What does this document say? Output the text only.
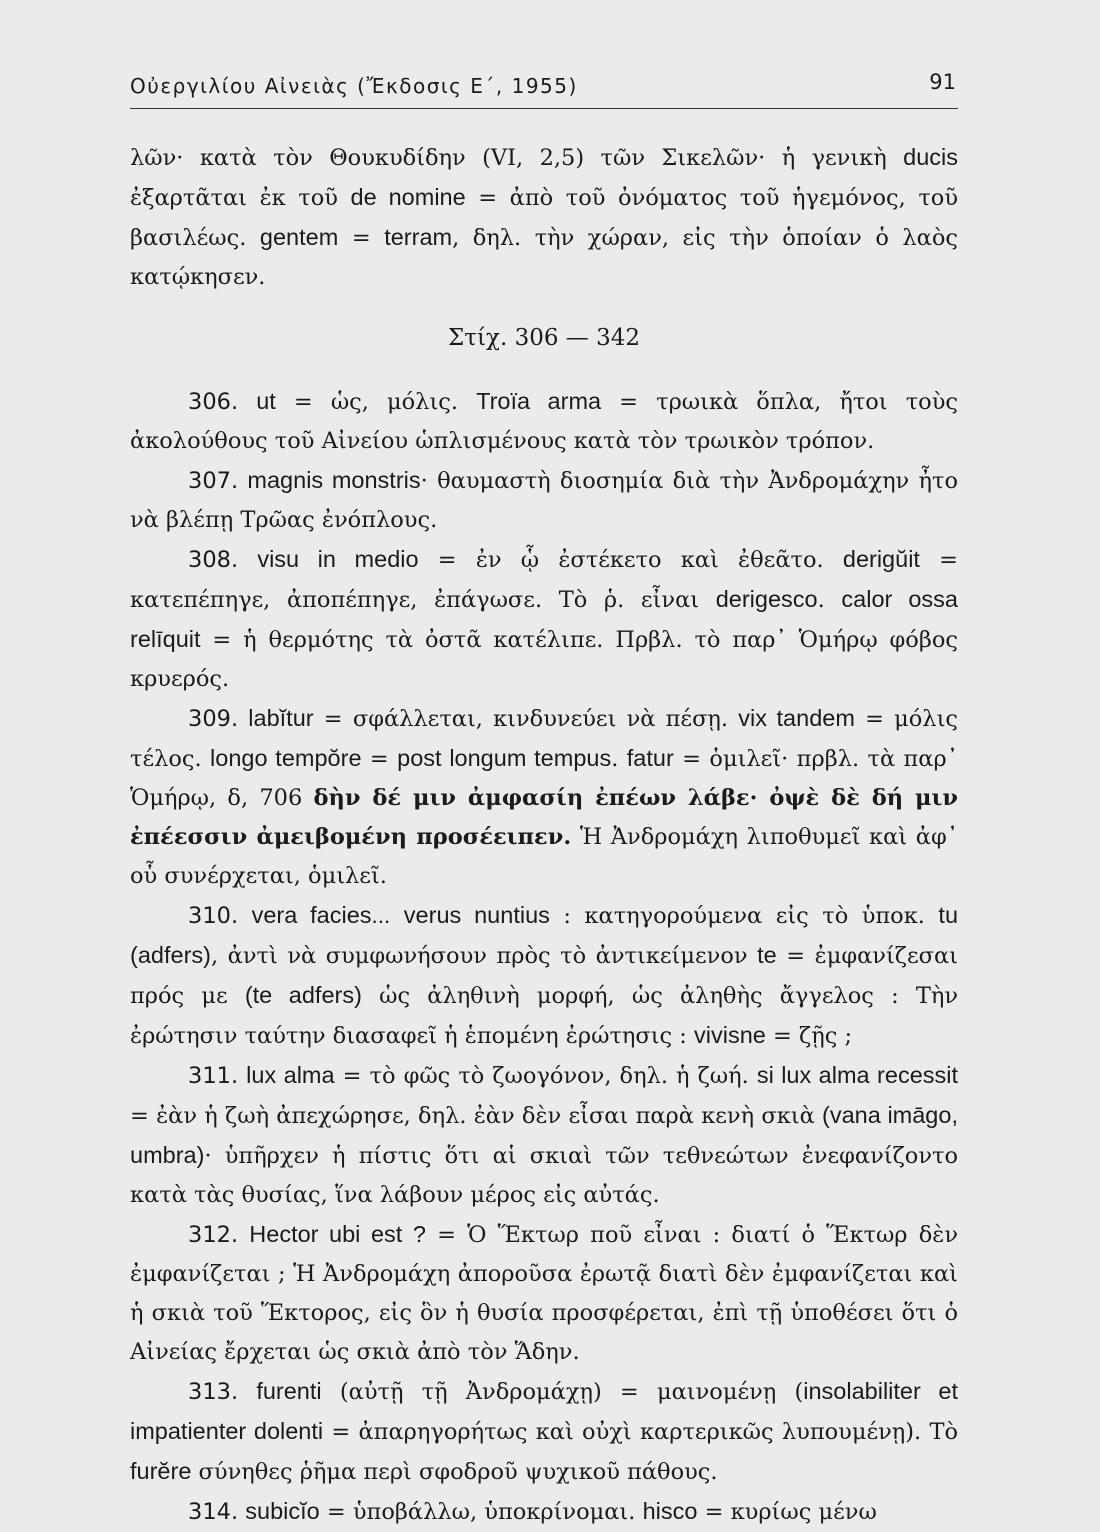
Οὐεργιλίου Αἰνειὰς (Ἔκδοσις Ε΄, 1955)	91

λῶν· κατὰ τὸν Θουκυδίδην (VI, 2,5) τῶν Σικελῶν· ἡ γενικὴ ducis ἐξαρτᾶται ἐκ τοῦ de nomine = ἀπὸ τοῦ ὀνόματος τοῦ ἡγεμόνος, τοῦ βασιλέως. gentem = terram, δηλ. τὴν χώραν, εἰς τὴν ὁποίαν ὁ λαὸς κατῴκησεν.

Στίχ. 306 — 342

306. ut = ὡς, μόλις. Troïa arma = τρωικὰ ὅπλα, ἤτοι τοὺς ἀκολούθους τοῦ Αἰνείου ὡπλισμένους κατὰ τὸν τρωικὸν τρόπον.

307. magnis monstris· θαυμαστὴ διοσημία διὰ τὴν Ἀνδρομάχην ἦτο νὰ βλέπῃ Τρῶας ἐνόπλους.

308. visu in medio = ἐν ᾧ ἐστέκετο καὶ ἐθεᾶτο. derigŭit = κατεπέπηγε, ἀποπέπηγε, ἐπάγωσε. Τὸ ῥ. εἶναι derigesco. calor ossa relīquit = ἡ θερμότης τὰ ὀστᾶ κατέλιπε. Πρβλ. τὸ παρ᾽ Ὁμήρῳ φόβος κρυερός.

309. labĭtur = σφάλλεται, κινδυνεύει νὰ πέσῃ. vix tandem = μόλις τέλος. longo tempŏre = post longum tempus. fatur = ὁμιλεῖ· πρβλ. τὰ παρ᾽ Ὁμήρῳ, δ, 706 δὴν δέ μιν ἀμφασίη ἐπέων λάβε· ὀψὲ δὲ δή μιν ἐπέεσσιν ἀμειβομένη προσέειπεν. Ἡ Ἀνδρομάχη λιποθυμεῖ καὶ ἀφ᾽ οὗ συνέρχεται, ὁμιλεῖ.

310. vera facies... verus nuntius : κατηγορούμενα εἰς τὸ ὑποκ. tu (adfers), ἀντὶ νὰ συμφωνήσουν πρὸς τὸ ἀντικείμενον te = ἐμφανίζεσαι πρός με (te adfers) ὡς ἀληθινὴ μορφή, ὡς ἀληθὴς ἄγγελος : Τὴν ἐρώτησιν ταύτην διασαφεῖ ἡ ἑπομένη ἐρώτησις : vivisne = ζῇς ;

311. lux alma = τὸ φῶς τὸ ζωογόνον, δηλ. ἡ ζωή. si lux alma recessit = ἐὰν ἡ ζωὴ ἀπεχώρησε, δηλ. ἐὰν δὲν εἶσαι παρὰ κενὴ σκιὰ (vana imāgo, umbra)· ὑπῆρχεν ἡ πίστις ὅτι αἱ σκιαὶ τῶν τεθνεώτων ἐνεφανίζοντο κατὰ τὰς θυσίας, ἵνα λάβουν μέρος εἰς αὐτάς.

312. Hector ubi est ? = Ὁ Ἕκτωρ ποῦ εἶναι : διατί ὁ Ἕκτωρ δὲν ἐμφανίζεται ; Ἡ Ἀνδρομάχη ἀποροῦσα ἐρωτᾷ διατὶ δὲν ἐμφανίζεται καὶ ἡ σκιὰ τοῦ Ἕκτορος, εἰς ὃν ἡ θυσία προσφέρεται, ἐπὶ τῇ ὑποθέσει ὅτι ὁ Αἰνείας ἔρχεται ὡς σκιὰ ἀπὸ τὸν Ἅδην.

313. furenti (αὐτῇ τῇ Ἀνδρομάχῃ) = μαινομένῃ (insolabiliter et impatienter dolenti = ἀπαρηγορήτως καὶ οὐχὶ καρτερικῶς λυπουμένῃ). Τὸ furĕre σύνηθες ῥῆμα περὶ σφοδροῦ ψυχικοῦ πάθους.

314. subicĭo = ὑποβάλλω, ὑποκρίνομαι. hisco = κυρίως μένω
